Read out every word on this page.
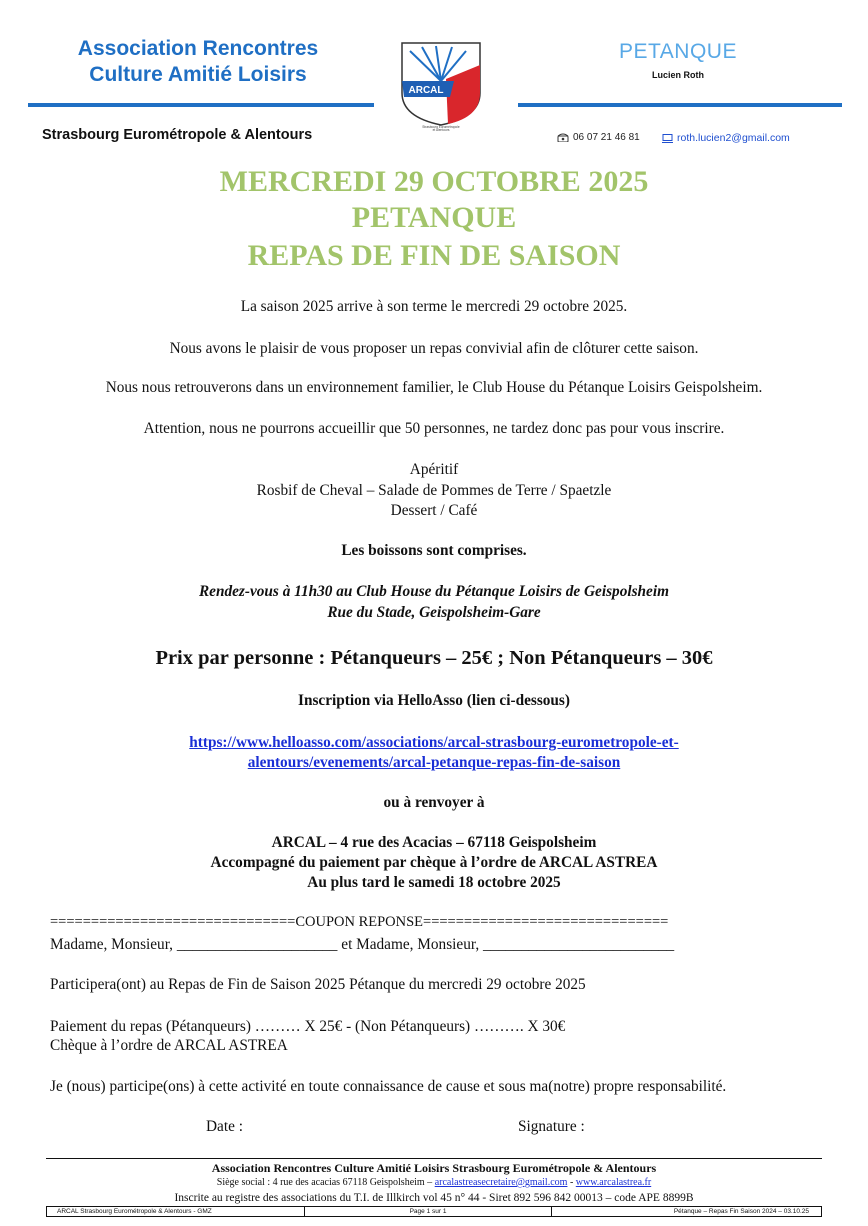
Association Rencontres
Culture Amitié Loisirs
Strasbourg Eurométropole & Alentours
ARCAL
Strasbourg Eurométropole
et Alentours
PETANQUE
Lucien Roth
06 07 21 46 81	roth.lucien2@gmail.com
MERCREDI 29 OCTOBRE 2025
PETANQUE
REPAS DE FIN DE SAISON
La saison 2025 arrive à son terme le mercredi 29 octobre 2025.
Nous avons le plaisir de vous proposer un repas convivial afin de clôturer cette saison.
Nous nous retrouverons dans un environnement familier, le Club House du Pétanque Loisirs Geispolsheim.
Attention, nous ne pourrons accueillir que 50 personnes, ne tardez donc pas pour vous inscrire.
Apéritif
Rosbif de Cheval – Salade de Pommes de Terre / Spaetzle
Dessert / Café
Les boissons sont comprises.
Rendez-vous à 11h30 au Club House du Pétanque Loisirs de Geispolsheim
Rue du Stade, Geispolsheim-Gare
Prix par personne : Pétanqueurs – 25€ ; Non Pétanqueurs – 30€
Inscription via HelloAsso (lien ci-dessous)
https://www.helloasso.com/associations/arcal-strasbourg-eurometropole-et-
alentours/evenements/arcal-petanque-repas-fin-de-saison
ou à renvoyer à
ARCAL – 4 rue des Acacias – 67118 Geispolsheim
Accompagné du paiement par chèque à l’ordre de ARCAL ASTREA
Au plus tard le samedi 18 octobre 2025
==============================COUPON REPONSE==============================
Madame, Monsieur, _____________________ et Madame, Monsieur, _________________________
Participera(ont) au Repas de Fin de Saison 2025 Pétanque du mercredi 29 octobre 2025
Paiement du repas (Pétanqueurs) ……… X 25€ - (Non Pétanqueurs) ………. X 30€
Chèque à l’ordre de ARCAL ASTREA
Je (nous) participe(ons) à cette activité en toute connaissance de cause et sous ma(notre) propre responsabilité.
Date :	Signature :
Association Rencontres Culture Amitié Loisirs Strasbourg Eurométropole & Alentours
Siège social : 4 rue des acacias 67118 Geispolsheim – arcalastreasecretaire@gmail.com - www.arcalastrea.fr
Inscrite au registre des associations du T.I. de Illkirch vol 45 n° 44 - Siret 892 596 842 00013 – code APE 8899B
ARCAL Strasbourg Eurométropole & Alentours - GMZ	Page 1 sur 1	Pétanque – Repas Fin Saison 2024 – 03.10.25
